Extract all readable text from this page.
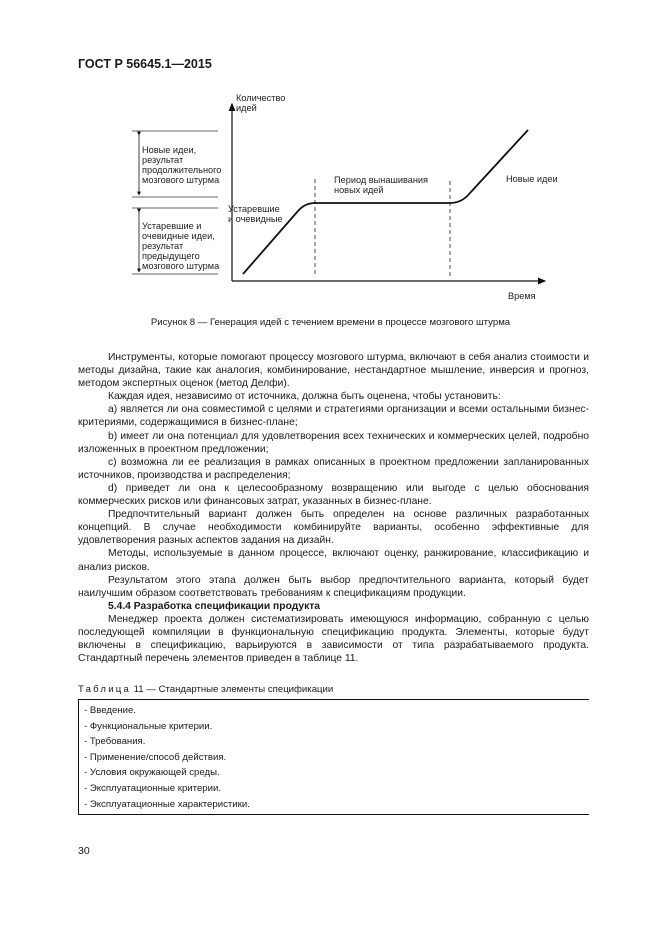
ГОСТ Р 56645.1—2015
Количество
идей
Время
Новые идеи,
результат
продолжительного
мозгового штурма
Устаревшие и
очевидные идеи,
результат
предыдущего
мозгового штурма
Устаревшие
и очевидные
Период вынашивания
новых идей
Новые идеи
Рисунок 8 — Генерация идей с течением времени в процессе мозгового штурма

Инструменты, которые помогают процессу мозгового штурма, включают в себя анализ стоимости и методы дизайна, такие как аналогия, комбинирование, нестандартное мышление, инверсия и прогноз, методом экспертных оценок (метод Делфи).

Каждая идея, независимо от источника, должна быть оценена, чтобы установить:

a) является ли она совместимой с целями и стратегиями организации и всеми остальными бизнес-критериями, содержащимися в бизнес-плане;

b) имеет ли она потенциал для удовлетворения всех технических и коммерческих целей, подробно изложенных в проектном предложении;

c) возможна ли ее реализация в рамках описанных в проектном предложении запланированных источников, производства и распределения;

d) приведет ли она к целесообразному возвращению или выгоде с целью обоснования коммерческих рисков или финансовых затрат, указанных в бизнес-плане.

Предпочтительный вариант должен быть определен на основе различных разработанных концепций. В случае необходимости комбинируйте варианты, особенно эффективные для удовлетворения разных аспектов задания на дизайн.

Методы, используемые в данном процессе, включают оценку, ранжирование, классификацию и анализ рисков.

Результатом этого этапа должен быть выбор предпочтительного варианта, который будет наилучшим образом соответствовать требованиям к спецификациям продукции.

5.4.4 Разработка спецификации продукта

Менеджер проекта должен систематизировать имеющуюся информацию, собранную с целью последующей компиляции в функциональную спецификацию продукта. Элементы, которые будут включены в спецификацию, варьируются в зависимости от типа разрабатываемого продукта. Стандартный перечень элементов приведен в таблице 11.

Таблица 11 — Стандартные элементы спецификации
- Введение.
- Функциональные критерии.
- Требования.
- Применение/способ действия.
- Условия окружающей среды.
- Эксплуатационные критерии.
- Эксплуатационные характеристики.
30
